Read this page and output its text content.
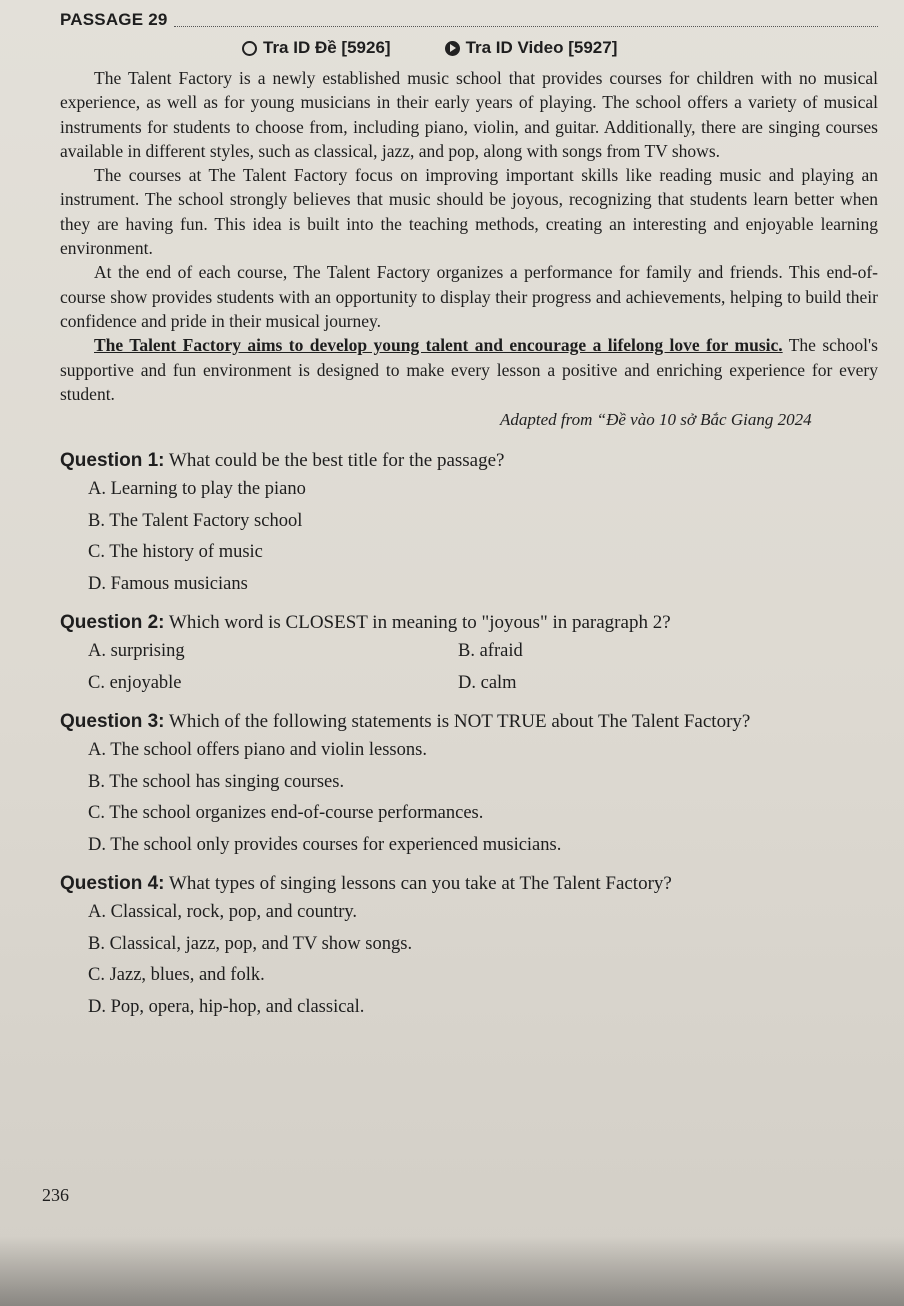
PASSAGE 29
Tra ID Đề [5926]	Tra ID Video [5927]

The Talent Factory is a newly established music school that provides courses for children with no musical experience, as well as for young musicians in their early years of playing. The school offers a variety of musical instruments for students to choose from, including piano, violin, and guitar. Additionally, there are singing courses available in different styles, such as classical, jazz, and pop, along with songs from TV shows.

The courses at The Talent Factory focus on improving important skills like reading music and playing an instrument. The school strongly believes that music should be joyous, recognizing that students learn better when they are having fun. This idea is built into the teaching methods, creating an interesting and enjoyable learning environment.

At the end of each course, The Talent Factory organizes a performance for family and friends. This end-of-course show provides students with an opportunity to display their progress and achievements, helping to build their confidence and pride in their musical journey.

The Talent Factory aims to develop young talent and encourage a lifelong love for music. The school's supportive and fun environment is designed to make every lesson a positive and enriching experience for every student.

Adapted from “Đề vào 10 sở Bắc Giang 2024
Question 1: What could be the best title for the passage?
A. Learning to play the piano
B. The Talent Factory school
C. The history of music
D. Famous musicians
Question 2: Which word is CLOSEST in meaning to "joyous" in paragraph 2?
A. surprising	B. afraid
C. enjoyable	D. calm
Question 3: Which of the following statements is NOT TRUE about The Talent Factory?
A. The school offers piano and violin lessons.
B. The school has singing courses.
C. The school organizes end-of-course performances.
D. The school only provides courses for experienced musicians.
Question 4: What types of singing lessons can you take at The Talent Factory?
A. Classical, rock, pop, and country.
B. Classical, jazz, pop, and TV show songs.
C. Jazz, blues, and folk.
D. Pop, opera, hip-hop, and classical.
236
